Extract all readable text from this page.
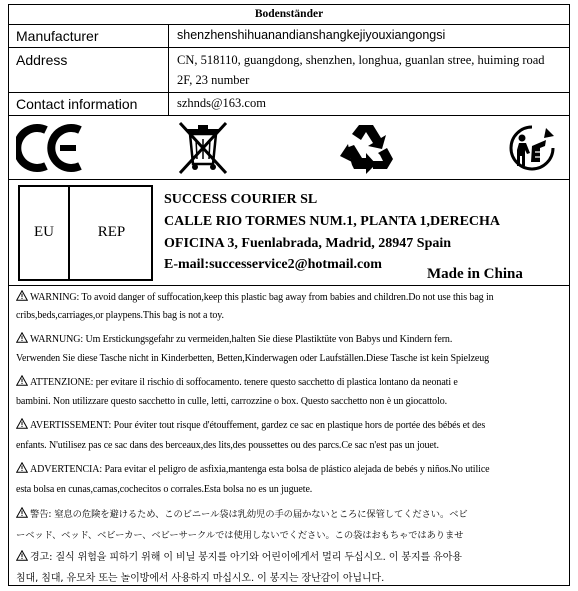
Bodenständer
Manufacturer	shenzhenshihuanandianshangkejiyouxiangongsi
Address	CN, 518110, guangdong, shenzhen, longhua, guanlan stree, huiming road
2F, 23 number
Contact information	szhnds@163.com
EU	REP
SUCCESS COURIER SL
CALLE RIO TORMES NUM.1, PLANTA 1,DERECHA
OFICINA 3, Fuenlabrada, Madrid, 28947 Spain
E-mail:successervice2@hotmail.com
Made in China
WARNING: To avoid danger of suffocation,keep this plastic bag away from babies and children.Do not use this bag in
cribs,beds,carriages,or playpens.This bag is not a toy.
WARNUNG: Um Erstickungsgefahr zu vermeiden,halten Sie diese Plastiktüte von Babys und Kindern fern.
Verwenden Sie diese Tasche nicht in Kinderbetten, Betten,Kinderwagen oder Laufställen.Diese Tasche ist kein Spielzeug
ATTENZIONE: per evitare il rischio di soffocamento. tenere questo sacchetto di plastica lontano da neonati e
bambini. Non utilizzare questo sacchetto in culle, letti, carrozzine o box. Questo sacchetto non è un giocattolo.
AVERTISSEMENT: Pour éviter tout risque d'étouffement, gardez ce sac en plastique hors de portée des bébés et des
enfants. N'utilisez pas ce sac dans des berceaux,des lits,des poussettes ou des parcs.Ce sac n'est pas un jouet.
ADVERTENCIA: Para evitar el peligro de asfixia,mantenga esta bolsa de plástico alejada de bebés y niños.No utilice
esta bolsa en cunas,camas,cochecitos o corrales.Esta bolsa no es un juguete.
警告: 窒息の危険を避けるため、このビニール袋は乳幼児の手の届かないところに保管してください。ベビ
ーベッド、ベッド、ベビーカー、ベビーサークルでは使用しないでください。この袋はおもちゃではありませ
경고: 질식 위험을 피하기 위해 이 비닐 봉지를 아기와 어린이에게서 멀리 두십시오. 이 봉지를 유아용
침대, 침대, 유모차 또는 놀이방에서 사용하지 마십시오. 이 봉지는 장난감이 아닙니다.
